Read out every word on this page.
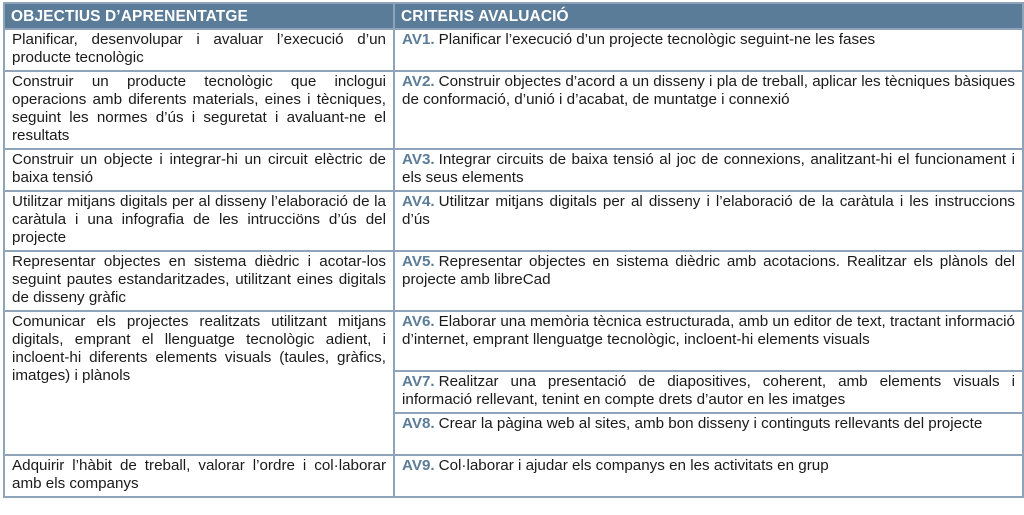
OBJECTIUS D’APRENENTATGE	CRITERIS AVALUACIÓ
Planificar, desenvolupar i avaluar l’execució d’un producte tecnològic	AV1. Planificar l’execució d’un projecte tecnològic seguint-ne les fases
Construir un producte tecnològic que inclogui operacions amb diferents materials, eines i tècniques, seguint les normes d’ús i seguretat i avaluant-ne el resultats	AV2. Construir objectes d’acord a un disseny i pla de treball, aplicar les tècniques bàsiques de conformació, d’unió i d’acabat, de muntatge i connexió
Construir un objecte i integrar-hi un circuit elèctric de baixa tensió	AV3. Integrar circuits de baixa tensió al joc de connexions, analitzant-hi el funcionament i els seus elements
Utilitzar mitjans digitals per al disseny l’elaboració de la caràtula i una infografia de les intrucciöns d’ús del projecte	AV4. Utilitzar mitjans digitals per al disseny i l’elaboració de la caràtula i les instruccions d’ús
Representar objectes en sistema dièdric i acotar-los seguint pautes estandaritzades, utilitzant eines digitals de disseny gràfic	AV5. Representar objectes en sistema dièdric amb acotacions. Realitzar els plànols del projecte amb libreCad
Comunicar els projectes realitzats utilitzant mitjans digitals, emprant el llenguatge tecnològic adient, i incloent-hi diferents elements visuals (taules, gràfics, imatges) i plànols	AV6. Elaborar una memòria tècnica estructurada, amb un editor de text, tractant informació d’internet, emprant llenguatge tecnològic, incloent-hi elements visuals
	AV7. Realitzar una presentació de diapositives, coherent, amb elements visuals i informació rellevant, tenint en compte drets d’autor en les imatges
	AV8. Crear la pàgina web al sites, amb bon disseny i continguts rellevants del projecte
Adquirir l’hàbit de treball, valorar l’ordre i col·laborar amb els companys	AV9. Col·laborar i ajudar els companys en les activitats en grup
